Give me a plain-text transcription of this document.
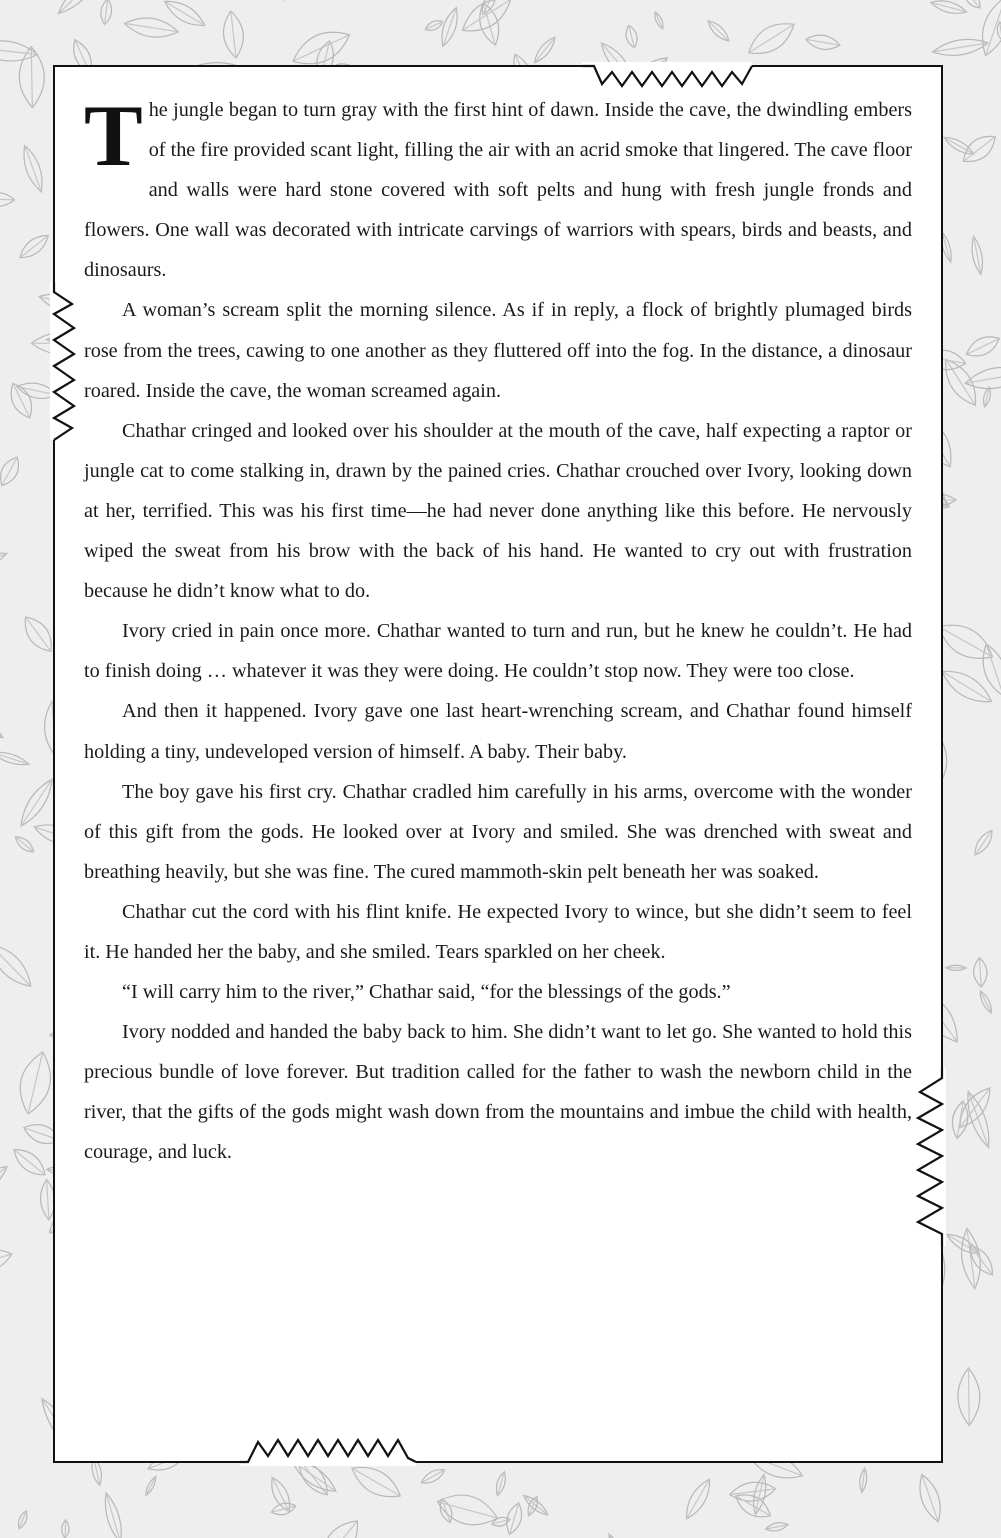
The jungle began to turn gray with the first hint of dawn. Inside the cave, the dwindling embers of the fire provided scant light, filling the air with an acrid smoke that lingered. The cave floor and walls were hard stone covered with soft pelts and hung with fresh jungle fronds and flowers. One wall was decorated with intricate carvings of warriors with spears, birds and beasts, and dinosaurs.

A woman’s scream split the morning silence. As if in reply, a flock of brightly plumaged birds rose from the trees, cawing to one another as they fluttered off into the fog. In the distance, a dinosaur roared. Inside the cave, the woman screamed again.

Chathar cringed and looked over his shoulder at the mouth of the cave, half expecting a raptor or jungle cat to come stalking in, drawn by the pained cries. Chathar crouched over Ivory, looking down at her, terrified. This was his first time—he had never done anything like this before. He nervously wiped the sweat from his brow with the back of his hand. He wanted to cry out with frustration because he didn’t know what to do.

Ivory cried in pain once more. Chathar wanted to turn and run, but he knew he couldn’t. He had to finish doing … whatever it was they were doing. He couldn’t stop now. They were too close.

And then it happened. Ivory gave one last heart-wrenching scream, and Chathar found himself holding a tiny, undeveloped version of himself. A baby. Their baby.

The boy gave his first cry. Chathar cradled him carefully in his arms, overcome with the wonder of this gift from the gods. He looked over at Ivory and smiled. She was drenched with sweat and breathing heavily, but she was fine. The cured mammoth-skin pelt beneath her was soaked.

Chathar cut the cord with his flint knife. He expected Ivory to wince, but she didn’t seem to feel it. He handed her the baby, and she smiled. Tears sparkled on her cheek.

“I will carry him to the river,” Chathar said, “for the blessings of the gods.”

Ivory nodded and handed the baby back to him. She didn’t want to let go. She wanted to hold this precious bundle of love forever. But tradition called for the father to wash the newborn child in the river, that the gifts of the gods might wash down from the mountains and imbue the child with health, courage, and luck.
